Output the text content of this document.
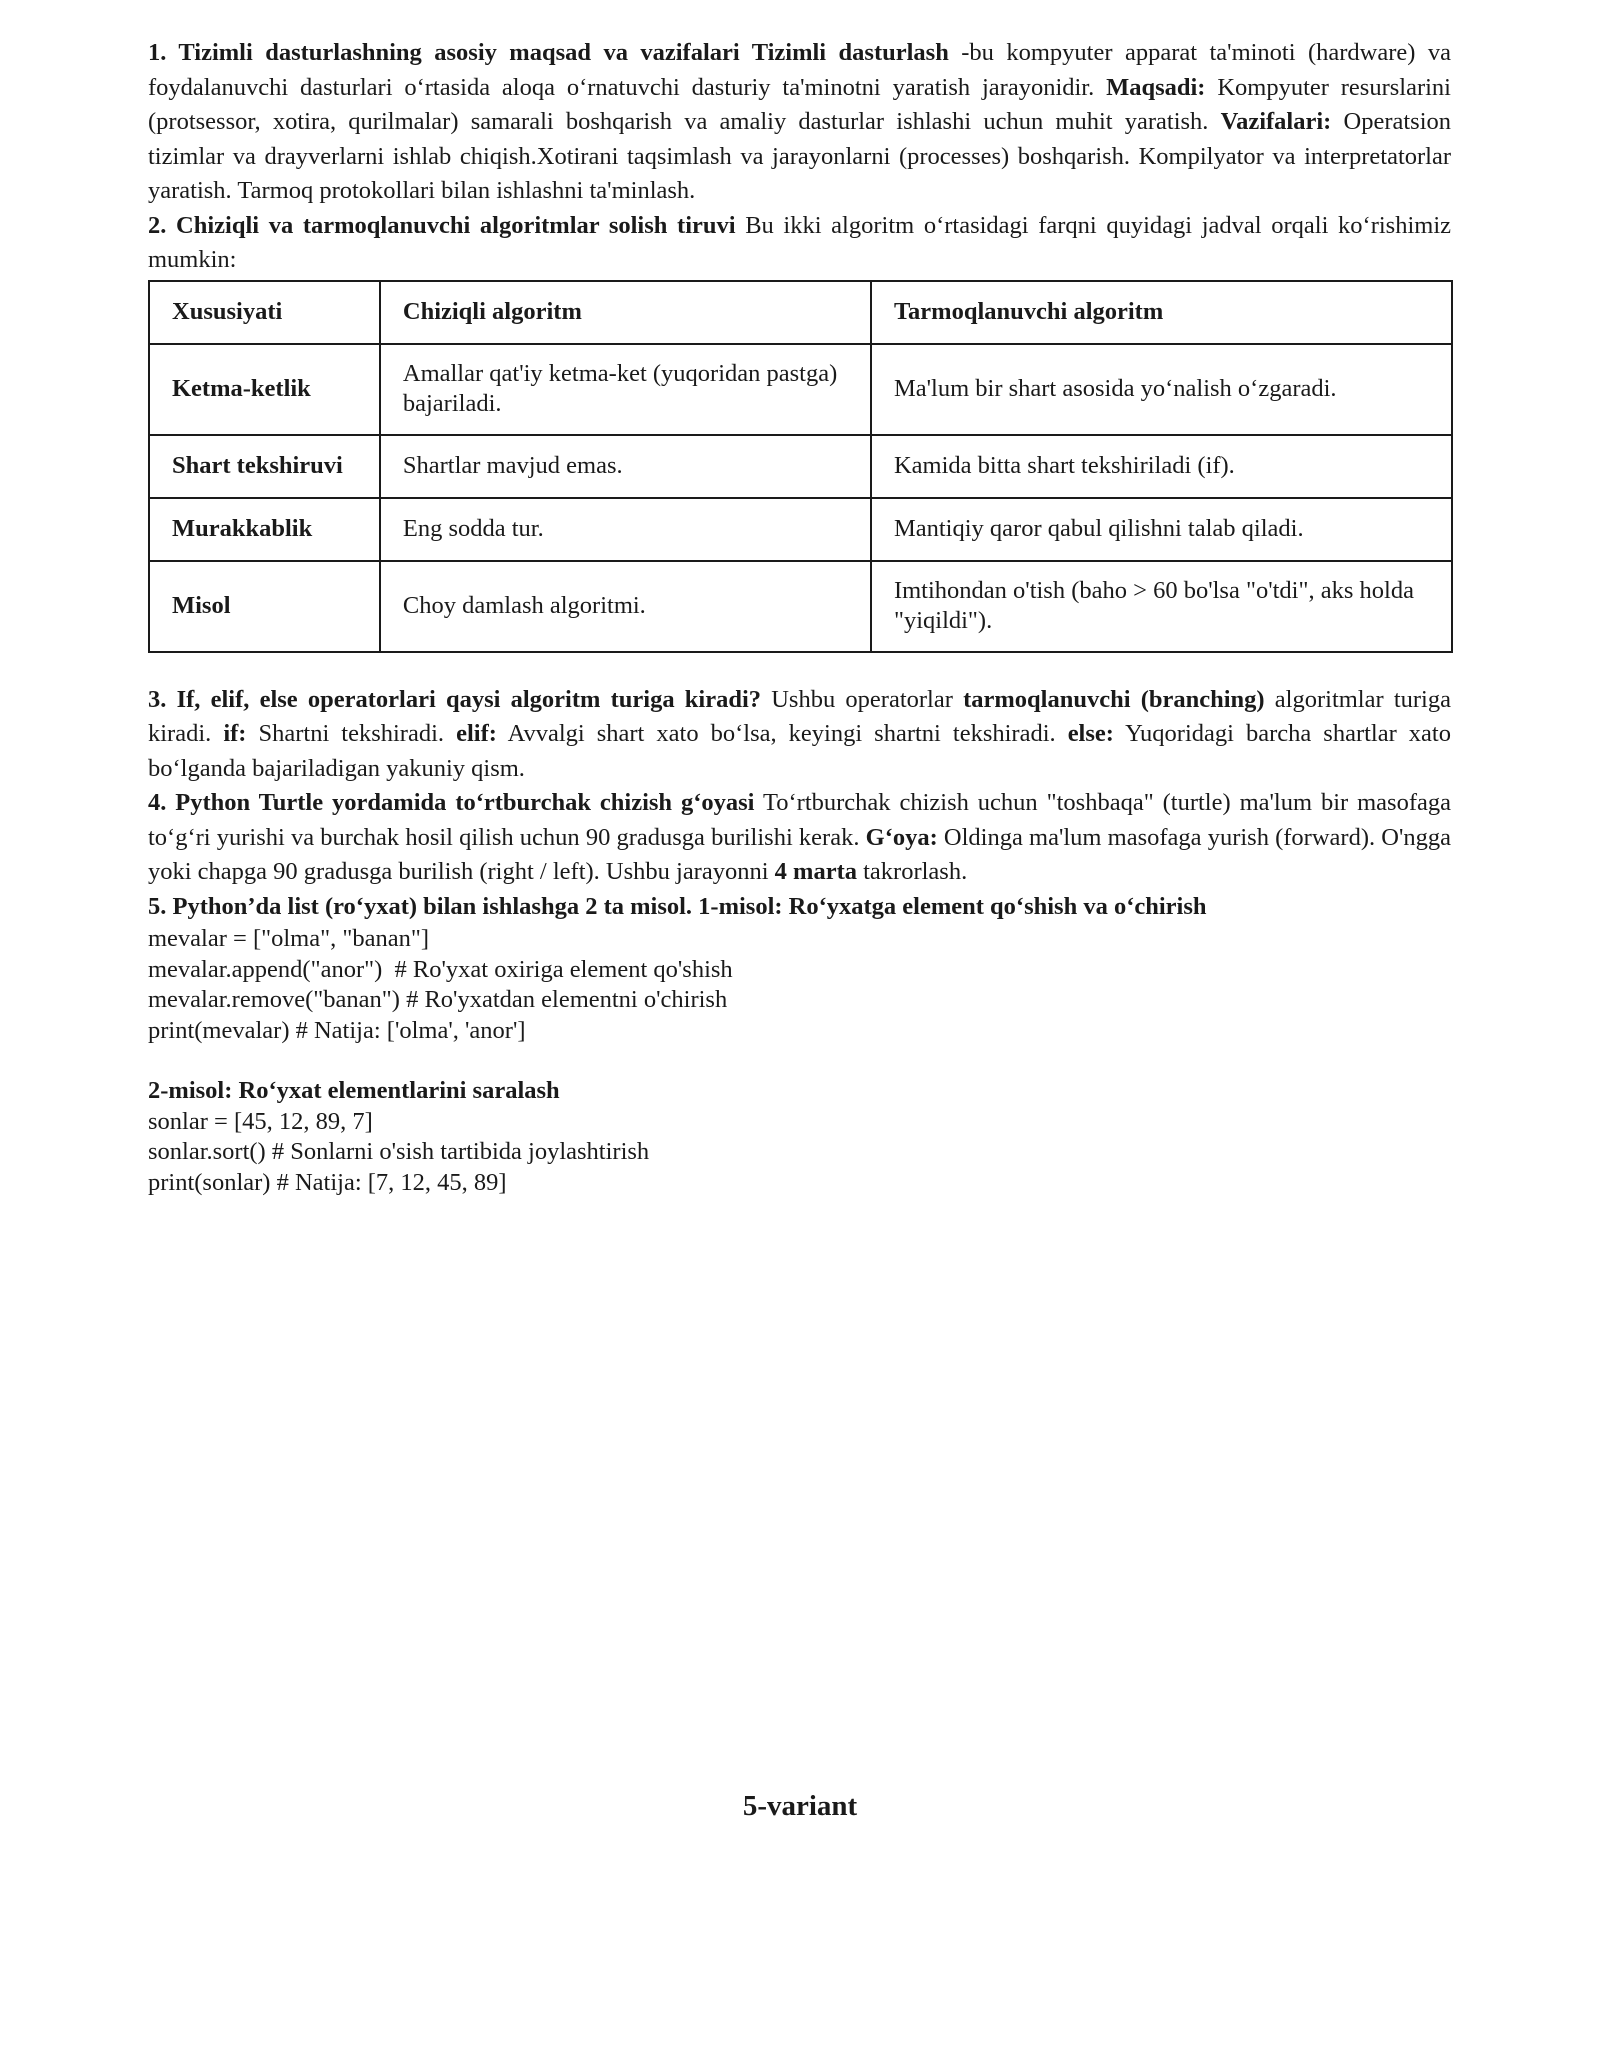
1. Tizimli dasturlashning asosiy maqsad va vazifalari Tizimli dasturlash -bu kompyuter apparat ta'minoti (hardware) va foydalanuvchi dasturlari o‘rtasida aloqa o‘rnatuvchi dasturiy ta'minotni yaratish jarayonidir. Maqsadi: Kompyuter resurslarini (protsessor, xotira, qurilmalar) samarali boshqarish va amaliy dasturlar ishlashi uchun muhit yaratish. Vazifalari: Operatsion tizimlar va drayverlarni ishlab chiqish.Xotirani taqsimlash va jarayonlarni (processes) boshqarish. Kompilyator va interpretatorlar yaratish. Tarmoq protokollari bilan ishlashni ta'minlash.

2. Chiziqli va tarmoqlanuvchi algoritmlar solish tiruvi Bu ikki algoritm o‘rtasidagi farqni quyidagi jadval orqali ko‘rishimiz mumkin:

Xususiyati	Chiziqli algoritm	Tarmoqlanuvchi algoritm
Ketma-ketlik	Amallar qat'iy ketma-ket (yuqoridan pastga) bajariladi.	Ma'lum bir shart asosida yo‘nalish o‘zgaradi.
Shart tekshiruvi	Shartlar mavjud emas.	Kamida bitta shart tekshiriladi (if).
Murakkablik	Eng sodda tur.	Mantiqiy qaror qabul qilishni talab qiladi.
Misol	Choy damlash algoritmi.	Imtihondan o'tish (baho > 60 bo'lsa "o'tdi", aks holda "yiqildi").

3. If, elif, else operatorlari qaysi algoritm turiga kiradi? Ushbu operatorlar tarmoqlanuvchi (branching) algoritmlar turiga kiradi. if: Shartni tekshiradi. elif: Avvalgi shart xato bo‘lsa, keyingi shartni tekshiradi. else: Yuqoridagi barcha shartlar xato bo‘lganda bajariladigan yakuniy qism.

4. Python Turtle yordamida to‘rtburchak chizish g‘oyasi To‘rtburchak chizish uchun "toshbaqa" (turtle) ma'lum bir masofaga to‘g‘ri yurishi va burchak hosil qilish uchun 90 gradusga burilishi kerak. G‘oya: Oldinga ma'lum masofaga yurish (forward). O'ngga yoki chapga 90 gradusga burilish (right / left). Ushbu jarayonni 4 marta takrorlash.

5. Python’da list (ro‘yxat) bilan ishlashga 2 ta misol. 1-misol: Ro‘yxatga element qo‘shish va o‘chirish

mevalar = ["olma", "banan"]
mevalar.append("anor")  # Ro'yxat oxiriga element qo'shish
mevalar.remove("banan") # Ro'yxatdan elementni o'chirish
print(mevalar) # Natija: ['olma', 'anor']
2-misol: Ro‘yxat elementlarini saralash
sonlar = [45, 12, 89, 7]
sonlar.sort() # Sonlarni o'sish tartibida joylashtirish
print(sonlar) # Natija: [7, 12, 45, 89]
5-variant
